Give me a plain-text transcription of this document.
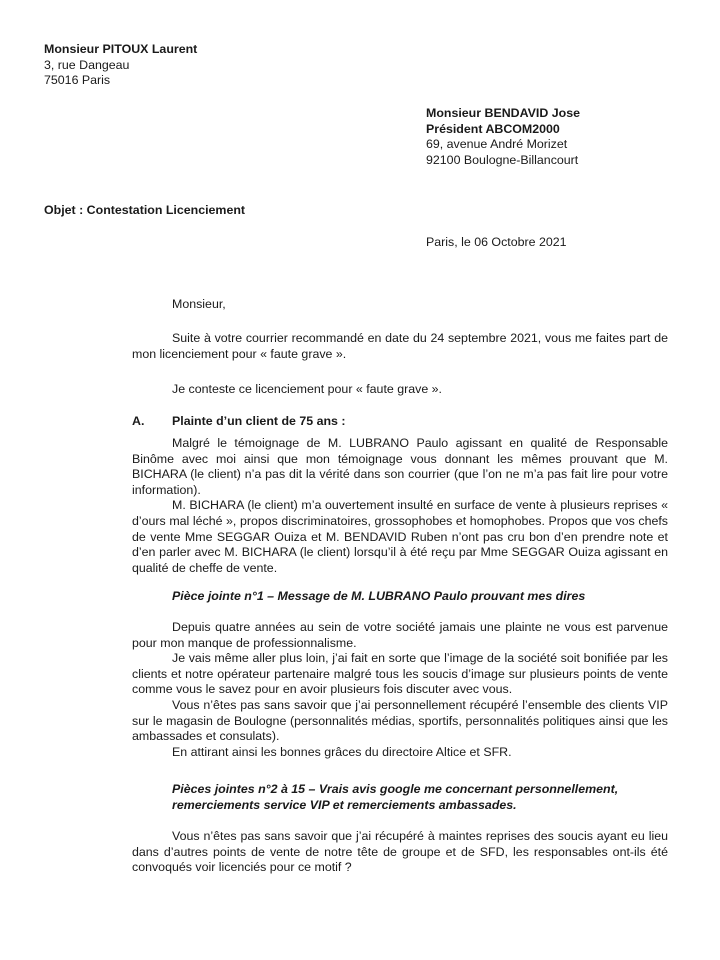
Monsieur PITOUX Laurent
3, rue Dangeau
75016 Paris
Monsieur BENDAVID Jose
Président ABCOM2000
69, avenue André Morizet
92100 Boulogne-Billancourt
Objet : Contestation Licenciement
Paris, le 06 Octobre 2021
Monsieur,

Suite à votre courrier recommandé en date du 24 septembre 2021, vous me faites part de mon licenciement pour « faute grave ».

Je conteste ce licenciement pour « faute grave ».
A. Plainte d’un client de 75 ans :

Malgré le témoignage de M. LUBRANO Paulo agissant en qualité de Responsable Binôme avec moi ainsi que mon témoignage vous donnant les mêmes prouvant que M. BICHARA (le client) n’a pas dit la vérité dans son courrier (que l’on ne m’a pas fait lire pour votre information).

M. BICHARA (le client) m’a ouvertement insulté en surface de vente à plusieurs reprises « d’ours mal léché », propos discriminatoires, grossophobes et homophobes. Propos que vos chefs de vente Mme SEGGAR Ouiza et M. BENDAVID Ruben n’ont pas cru bon d’en prendre note et d’en parler avec M. BICHARA (le client) lorsqu’il à été reçu par Mme SEGGAR Ouiza agissant en qualité de cheffe de vente.

Pièce jointe n°1 – Message de M. LUBRANO Paulo prouvant mes dires

Depuis quatre années au sein de votre société jamais une plainte ne vous est parvenue pour mon manque de professionnalisme.

Je vais même aller plus loin, j’ai fait en sorte que l’image de la société soit bonifiée par les clients et notre opérateur partenaire malgré tous les soucis d’image sur plusieurs points de vente comme vous le savez pour en avoir plusieurs fois discuter avec vous.

Vous n’êtes pas sans savoir que j’ai personnellement récupéré l’ensemble des clients VIP sur le magasin de Boulogne (personnalités médias, sportifs, personnalités politiques ainsi que les ambassades et consulats).

En attirant ainsi les bonnes grâces du directoire Altice et SFR.

Pièces jointes n°2 à 15 – Vrais avis google me concernant personnellement, remerciements service VIP et remerciements ambassades.

Vous n’êtes pas sans savoir que j’ai récupéré à maintes reprises des soucis ayant eu lieu dans d’autres points de vente de notre tête de groupe et de SFD, les responsables ont-ils été convoqués voir licenciés pour ce motif ?
